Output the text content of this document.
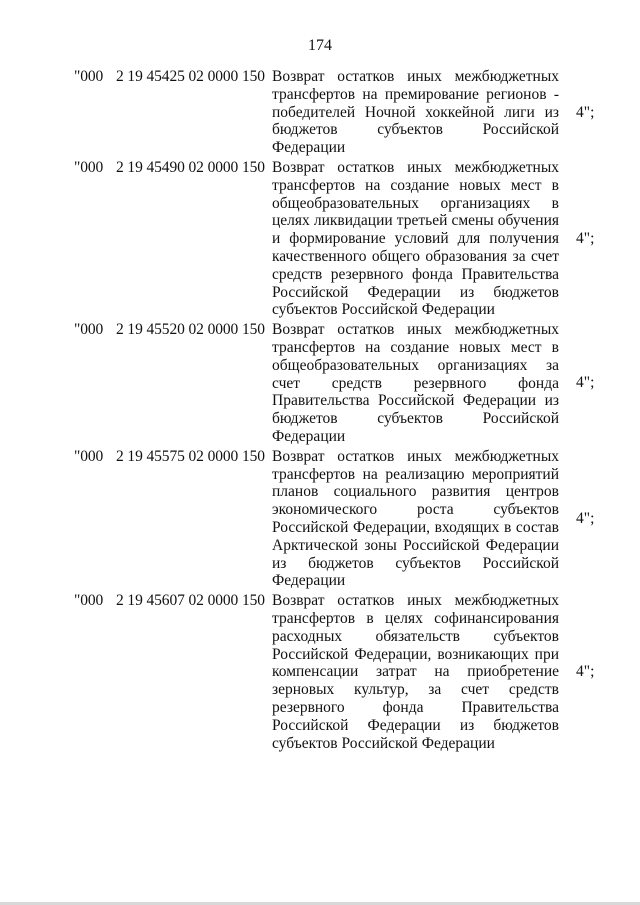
174
"000 2 19 45425 02 0000 150 Возврат остатков иных межбюджетных трансфертов на премирование регионов - победителей Ночной хоккейной лиги из бюджетов субъектов Российской Федерации
4";
"000 2 19 45490 02 0000 150 Возврат остатков иных межбюджетных трансфертов на создание новых мест в общеобразовательных организациях в целях ликвидации третьей смены обучения и формирование условий для получения качественного общего образования за счет средств резервного фонда Правительства Российской Федерации из бюджетов субъектов Российской Федерации
4";
"000 2 19 45520 02 0000 150 Возврат остатков иных межбюджетных трансфертов на создание новых мест в общеобразовательных организациях за счет средств резервного фонда Правительства Российской Федерации из бюджетов субъектов Российской Федерации
4";
"000 2 19 45575 02 0000 150 Возврат остатков иных межбюджетных трансфертов на реализацию мероприятий планов социального развития центров экономического роста субъектов Российской Федерации, входящих в состав Арктической зоны Российской Федерации из бюджетов субъектов Российской Федерации
4";
"000 2 19 45607 02 0000 150 Возврат остатков иных межбюджетных трансфертов в целях софинансирования расходных обязательств субъектов Российской Федерации, возникающих при компенсации затрат на приобретение зерновых культур, за счет средств резервного фонда Правительства Российской Федерации из бюджетов субъектов Российской Федерации
4";
